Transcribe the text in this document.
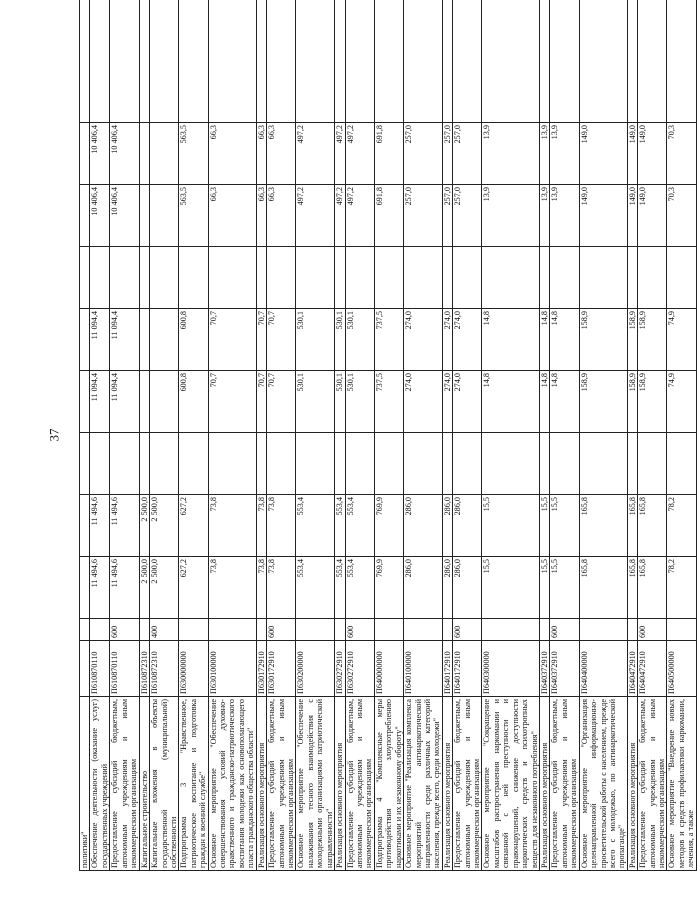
37
политики"											
Обеспечение деятельности (оказание услуг) государственных учреждений	П610870110		11 494,6	11 494,6		11 094,4	11 094,4		10 406,4	10 406,4	
Предоставление субсидий бюджетным, автономным учреждениям и иным некоммерческим организациям	П610870110	600	11 494,6	11 494,6		11 094,4	11 094,4		10 406,4	10 406,4	
Капитальное строительство	П610872310		2 500,0	2 500,0							
Капитальные вложения в объекты государственной (муниципальной) собственности	П610872310	400	2 500,0	2 500,0							
Подпрограмма 3 "Нравственное, патриотическое воспитание и подготовка граждан к военной службе"	П630000000		627,2	627,2		600,8	600,8		563,5	563,5	
Основное мероприятие "Обеспечение совершенствования условий духовно-нравственного и гражданско-патриотического воспитания молодежи как основополагающего пласта гражданского общества области"	П630100000		73,8	73,8		70,7	70,7		66,3	66,3	
Реализация основного мероприятия	П630172910		73,8	73,8		70,7	70,7		66,3	66,3	
Предоставление субсидий бюджетным, автономным учреждениям и иным некоммерческим организациям	П630172910	600	73,8	73,8		70,7	70,7		66,3	66,3	
Основное мероприятие "Обеспечение налаживания тесного взаимодействия с молодежными организациями патриотической направленности"	П630200000		553,4	553,4		530,1	530,1		497,2	497,2	
Реализация основного мероприятия	П630272910		553,4	553,4		530,1	530,1		497,2	497,2	
Предоставление субсидий бюджетным, автономным учреждениям и иным некоммерческим организациям	П630272910	600	553,4	553,4		530,1	530,1		497,2	497,2	
Подпрограмма 4 "Комплексные меры противодействия злоупотреблению наркотиками и их незаконному обороту"	П640000000		769,9	769,9		737,5	737,5		691,8	691,8	
Основное мероприятие "Реализация комплекса мероприятий антинаркотической направленности среди различных категорий населения, прежде всего, среди молодежи"	П640100000		286,0	286,0		274,0	274,0		257,0	257,0	
Реализация основного мероприятия	П640172910		286,0	286,0		274,0	274,0		257,0	257,0	
Предоставление субсидий бюджетным, автономным учреждениям и иным некоммерческим организациям	П640172910	600	286,0	286,0		274,0	274,0		257,0	257,0	
Основное мероприятие "Сокращение масштабов распространения наркомании и связанной с ней преступности и правонарушений, снижение доступности наркотических средств и психотропных веществ для незаконного потребления"	П640300000		15,5	15,5		14,8	14,8		13,9	13,9	
Реализация основного мероприятия	П640372910		15,5	15,5		14,8	14,8		13,9	13,9	
Предоставление субсидий бюджетным, автономным учреждениям и иным некоммерческим организациям	П640372910	600	15,5	15,5		14,8	14,8		13,9	13,9	
Основное мероприятие "Организация целенаправленной информационно-просветительской работы с населением, прежде всего с молодежью, по антинаркотической пропаганде"	П640400000		165,8	165,8		158,9	158,9		149,0	149,0	
Реализация основного мероприятия	П640472910		165,8	165,8		158,9	158,9		149,0	149,0	
Предоставление субсидий бюджетным, автономным учреждениям и иным некоммерческим организациям	П640472910	600	165,8	165,8		158,9	158,9		149,0	149,0	
Основное мероприятие "Внедрение новых методов и средств профилактики наркомании, лечения, а также	П640500000		78,2	78,2		74,9	74,9		70,3	70,3	
